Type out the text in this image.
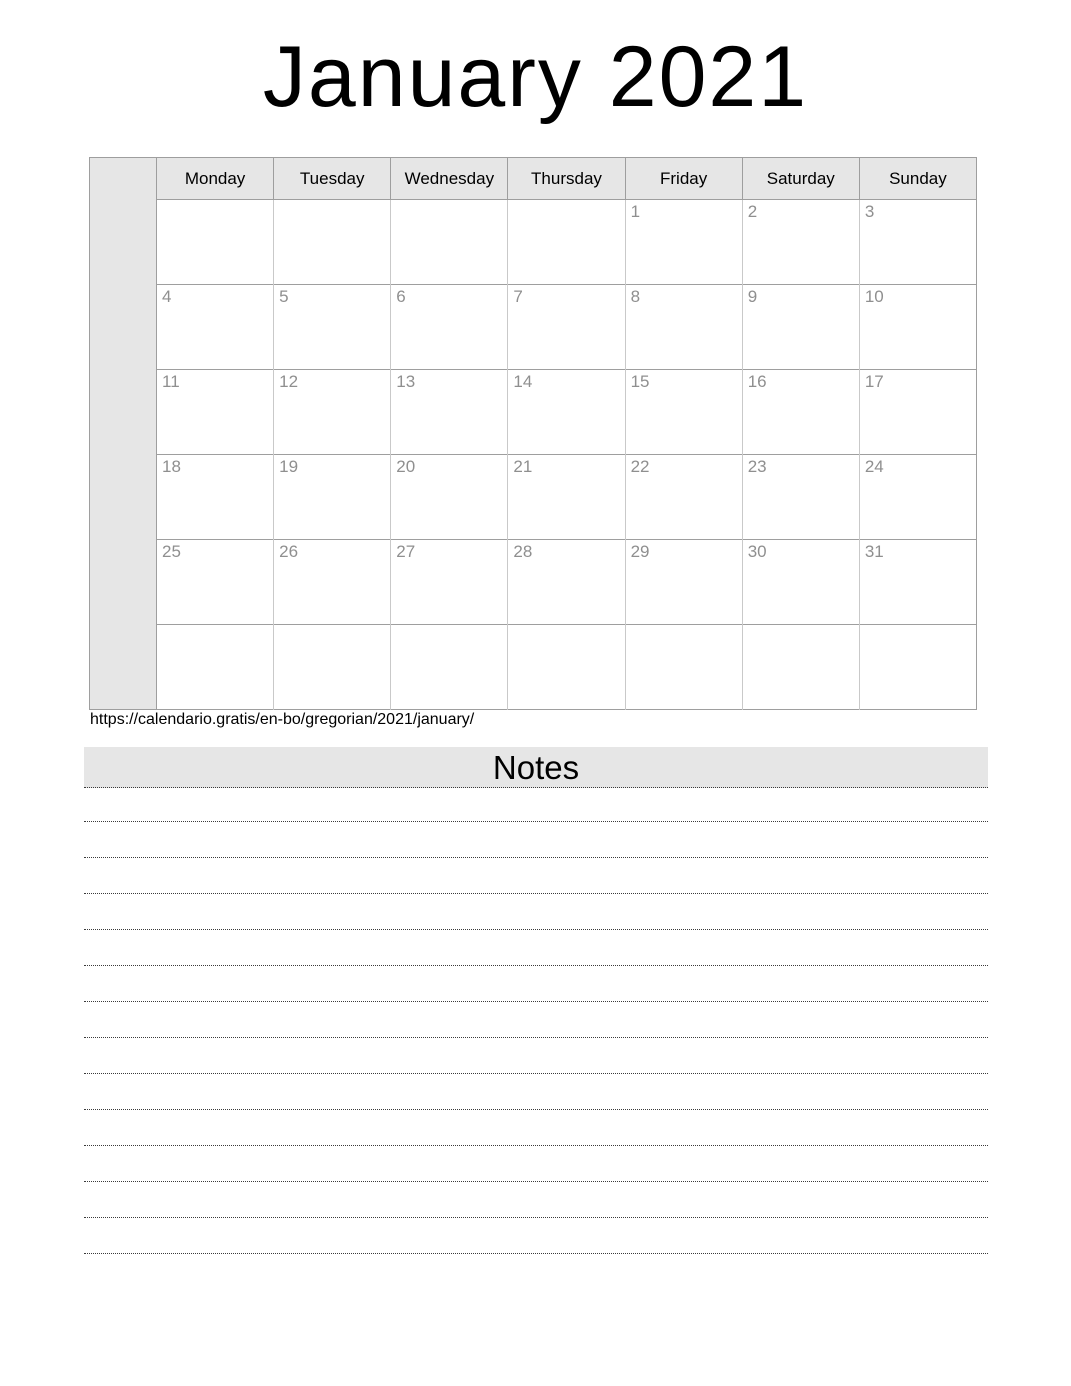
January 2021
	Monday	Tuesday	Wednesday	Thursday	Friday	Saturday	Sunday
					1	2	3
	4	5	6	7	8	9	10
	11	12	13	14	15	16	17
	18	19	20	21	22	23	24
	25	26	27	28	29	30	31

https://calendario.gratis/en-bo/gregorian/2021/january/
Notes
